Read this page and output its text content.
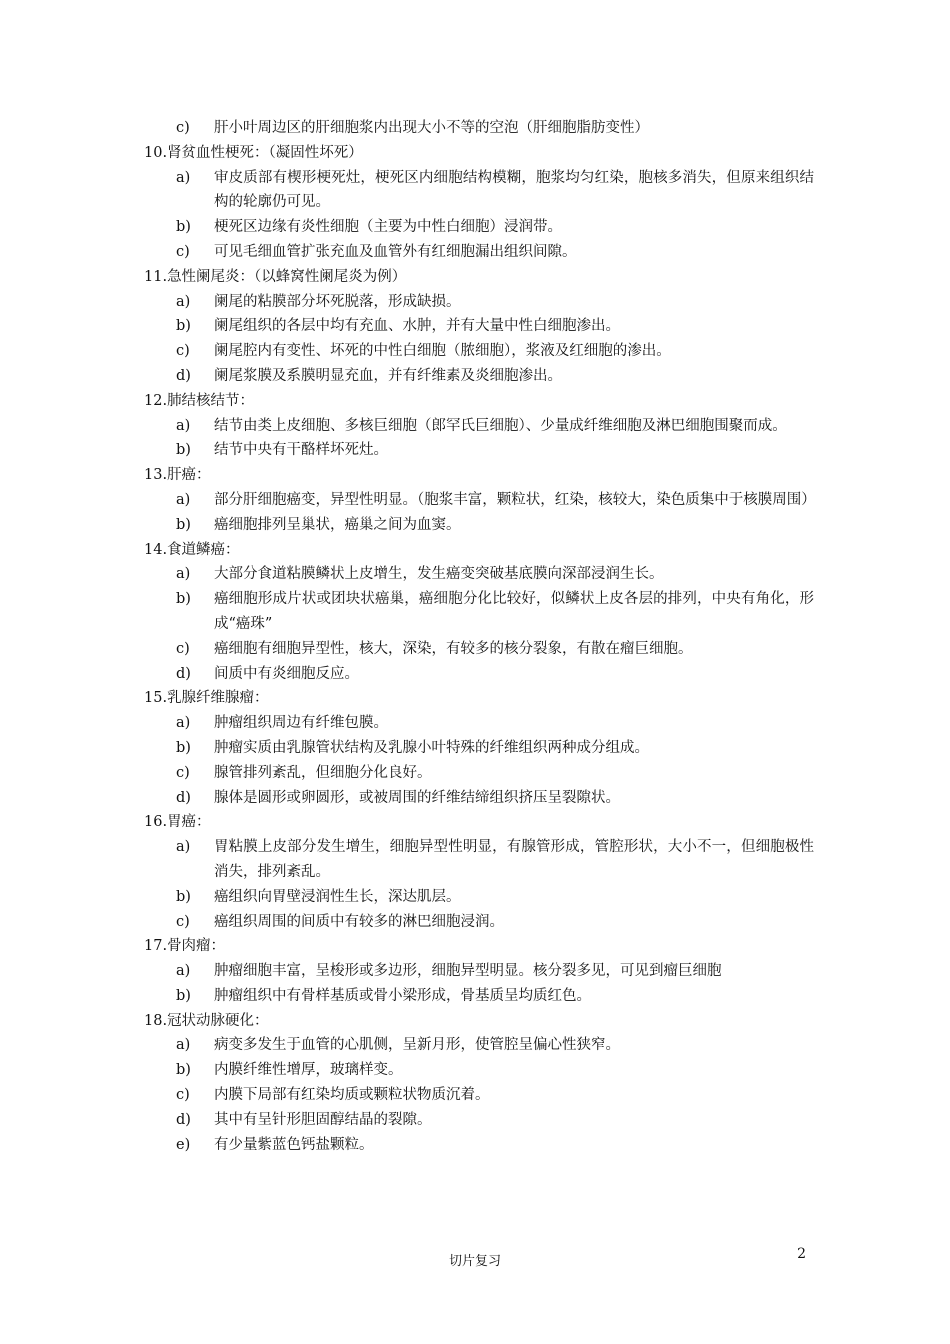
c)	肝小叶周边区的肝细胞浆内出现大小不等的空泡（肝细胞脂肪变性）
10. 肾贫血性梗死：（凝固性坏死）
a)	审皮质部有楔形梗死灶，梗死区内细胞结构模糊，胞浆均匀红染，胞核多消失，但原来组织结构的轮廓仍可见。
b)	梗死区边缘有炎性细胞（主要为中性白细胞）浸润带。
c)	可见毛细血管扩张充血及血管外有红细胞漏出组织间隙。
11. 急性阑尾炎：（以蜂窝性阑尾炎为例）
a)	阑尾的粘膜部分坏死脱落，形成缺损。
b)	阑尾组织的各层中均有充血、水肿，并有大量中性白细胞渗出。
c)	阑尾腔内有变性、坏死的中性白细胞（脓细胞），浆液及红细胞的渗出。
d)	阑尾浆膜及系膜明显充血，并有纤维素及炎细胞渗出。
12. 肺结核结节：
a)	结节由类上皮细胞、多核巨细胞（郎罕氏巨细胞）、少量成纤维细胞及淋巴细胞围聚而成。
b)	结节中央有干酪样坏死灶。
13. 肝癌：
a)	部分肝细胞癌变，异型性明显。（胞浆丰富，颗粒状，红染，核较大，染色质集中于核膜周围）
b)	癌细胞排列呈巢状，癌巢之间为血窦。
14. 食道鳞癌：
a)	大部分食道粘膜鳞状上皮增生，发生癌变突破基底膜向深部浸润生长。
b)	癌细胞形成片状或团块状癌巢，癌细胞分化比较好，似鳞状上皮各层的排列，中央有角化，形成“癌珠”
c)	癌细胞有细胞异型性，核大，深染，有较多的核分裂象，有散在瘤巨细胞。
d)	间质中有炎细胞反应。
15. 乳腺纤维腺瘤：
a)	肿瘤组织周边有纤维包膜。
b)	肿瘤实质由乳腺管状结构及乳腺小叶特殊的纤维组织两种成分组成。
c)	腺管排列紊乱，但细胞分化良好。
d)	腺体是圆形或卵圆形，或被周围的纤维结缔组织挤压呈裂隙状。
16. 胃癌：
a)	胃粘膜上皮部分发生增生，细胞异型性明显，有腺管形成，管腔形状，大小不一，但细胞极性消失，排列紊乱。
b)	癌组织向胃壁浸润性生长，深达肌层。
c)	癌组织周围的间质中有较多的淋巴细胞浸润。
17. 骨肉瘤：
a)	肿瘤细胞丰富，呈梭形或多边形，细胞异型明显。核分裂多见，可见到瘤巨细胞
b)	肿瘤组织中有骨样基质或骨小梁形成，骨基质呈均质红色。
18. 冠状动脉硬化：
a)	病变多发生于血管的心肌侧，呈新月形，使管腔呈偏心性狭窄。
b)	内膜纤维性增厚，玻璃样变。
c)	内膜下局部有红染均质或颗粒状物质沉着。
d)	其中有呈针形胆固醇结晶的裂隙。
e)	有少量紫蓝色钙盐颗粒。
切片复习	2
